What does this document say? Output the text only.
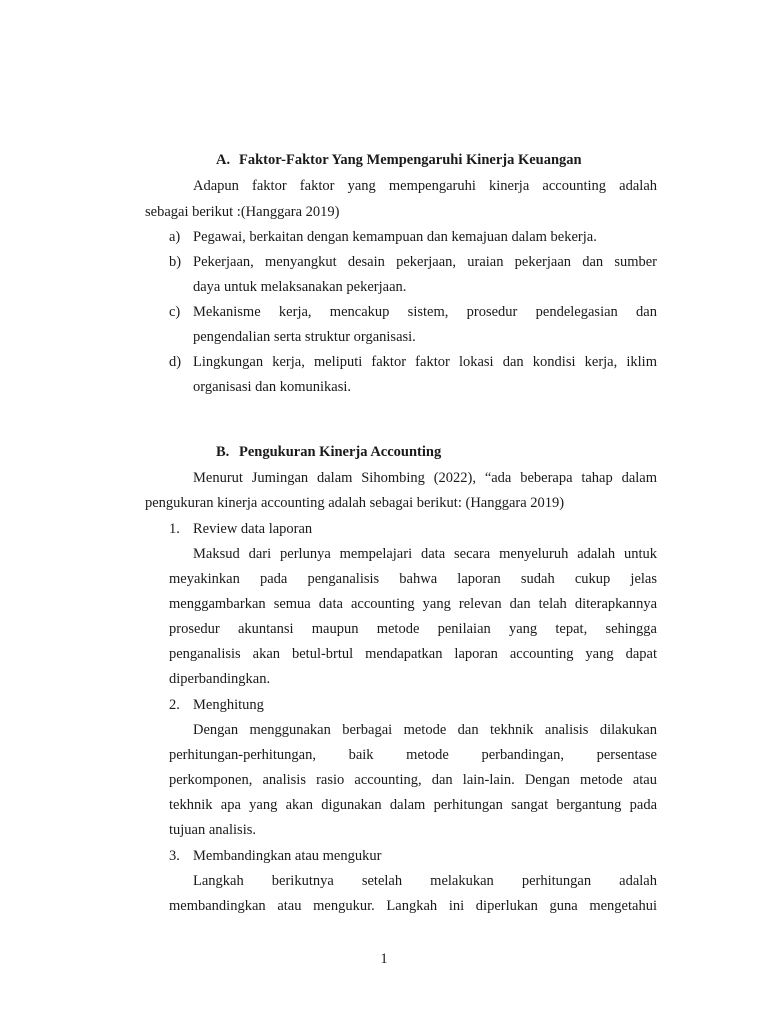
A. Faktor-Faktor Yang Mempengaruhi Kinerja Keuangan
Adapun faktor faktor yang mempengaruhi kinerja accounting adalah
sebagai berikut :(Hanggara 2019)
a) Pegawai, berkaitan dengan kemampuan dan kemajuan dalam bekerja.
b) Pekerjaan, menyangkut desain pekerjaan, uraian pekerjaan dan sumber
daya untuk melaksanakan pekerjaan.
c) Mekanisme kerja, mencakup sistem, prosedur pendelegasian dan
pengendalian serta struktur organisasi.
d) Lingkungan kerja, meliputi faktor faktor lokasi dan kondisi kerja, iklim
organisasi dan komunikasi.
B. Pengukuran Kinerja Accounting
Menurut Jumingan dalam Sihombing (2022), “ada beberapa tahap dalam
pengukuran kinerja accounting adalah sebagai berikut: (Hanggara 2019)
1. Review data laporan
Maksud dari perlunya mempelajari data secara menyeluruh adalah untuk
meyakinkan pada penganalisis bahwa laporan sudah cukup jelas
menggambarkan semua data accounting yang relevan dan telah diterapkannya
prosedur akuntansi maupun metode penilaian yang tepat, sehingga
penganalisis akan betul-brtul mendapatkan laporan accounting yang dapat
diperbandingkan.
2. Menghitung
Dengan menggunakan berbagai metode dan tekhnik analisis dilakukan
perhitungan-perhitungan, baik metode perbandingan, persentase
perkomponen, analisis rasio accounting, dan lain-lain. Dengan metode atau
tekhnik apa yang akan digunakan dalam perhitungan sangat bergantung pada
tujuan analisis.
3. Membandingkan atau mengukur
Langkah berikutnya setelah melakukan perhitungan adalah
membandingkan atau mengukur. Langkah ini diperlukan guna mengetahui
1
